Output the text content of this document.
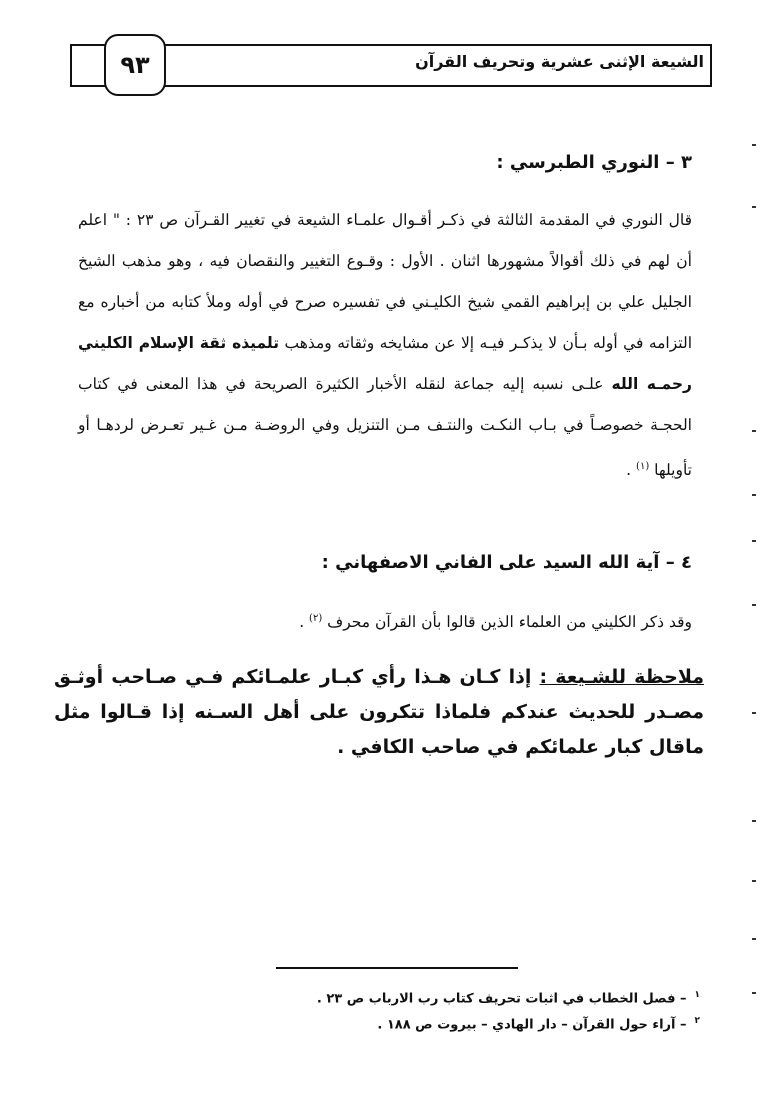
الشيعة الإثنى عشرية وتحريف القرآن
٩٣
٣ – النوري الطبرسي :
قال النوري في المقدمة الثالثة في ذكـر أقـوال علمـاء الشيعة في تغيير القـرآن ص ٢٣ : " اعلم أن لهم في ذلك أقوالاً مشهورها اثنان . الأول : وقـوع التغيير والنقصان فيه ، وهو مذهب الشيخ الجليل علي بن إبراهيم القمي شيخ الكليـني في تفسيره صرح في أوله وملأ كتابه من أخباره مع التزامه في أوله بـأن لا يذكـر فيـه إلا عن مشايخه وثقاته ومذهب تلميذه ثقة الإسلام الكليني رحمـه الله علـى نسبه إليه جماعة لنقله الأخبار الكثيرة الصريحة في هذا المعنى في كتاب الحجـة خصوصـاً في بـاب النكـت والنتـف مـن التنزيل وفي الروضـة مـن غـير تعـرض لردهـا أو تأويلها $^{(١)}$ .
٤ – آية الله السيد على الفاني الاصفهاني :
وقد ذكر الكليني من العلماء الذين قالوا بأن القرآن محرف $^{(٢)}$ .
ملاحظة للشـيعة : إذا كـان هـذا رأي كبـار علمـائكم فـي صـاحب أوثـق مصـدر للحديث عندكم فلماذا تتكرون على أهل السـنه إذا قـالوا مثل ماقال كبار علمائكم في صاحب الكافي .
$^١$– فصل الخطاب في اثبات تحريف كتاب رب الارباب ص ٢٣ .
$^٢$– آراء حول القرآن – دار الهادي – بيروت ص ١٨٨ .
